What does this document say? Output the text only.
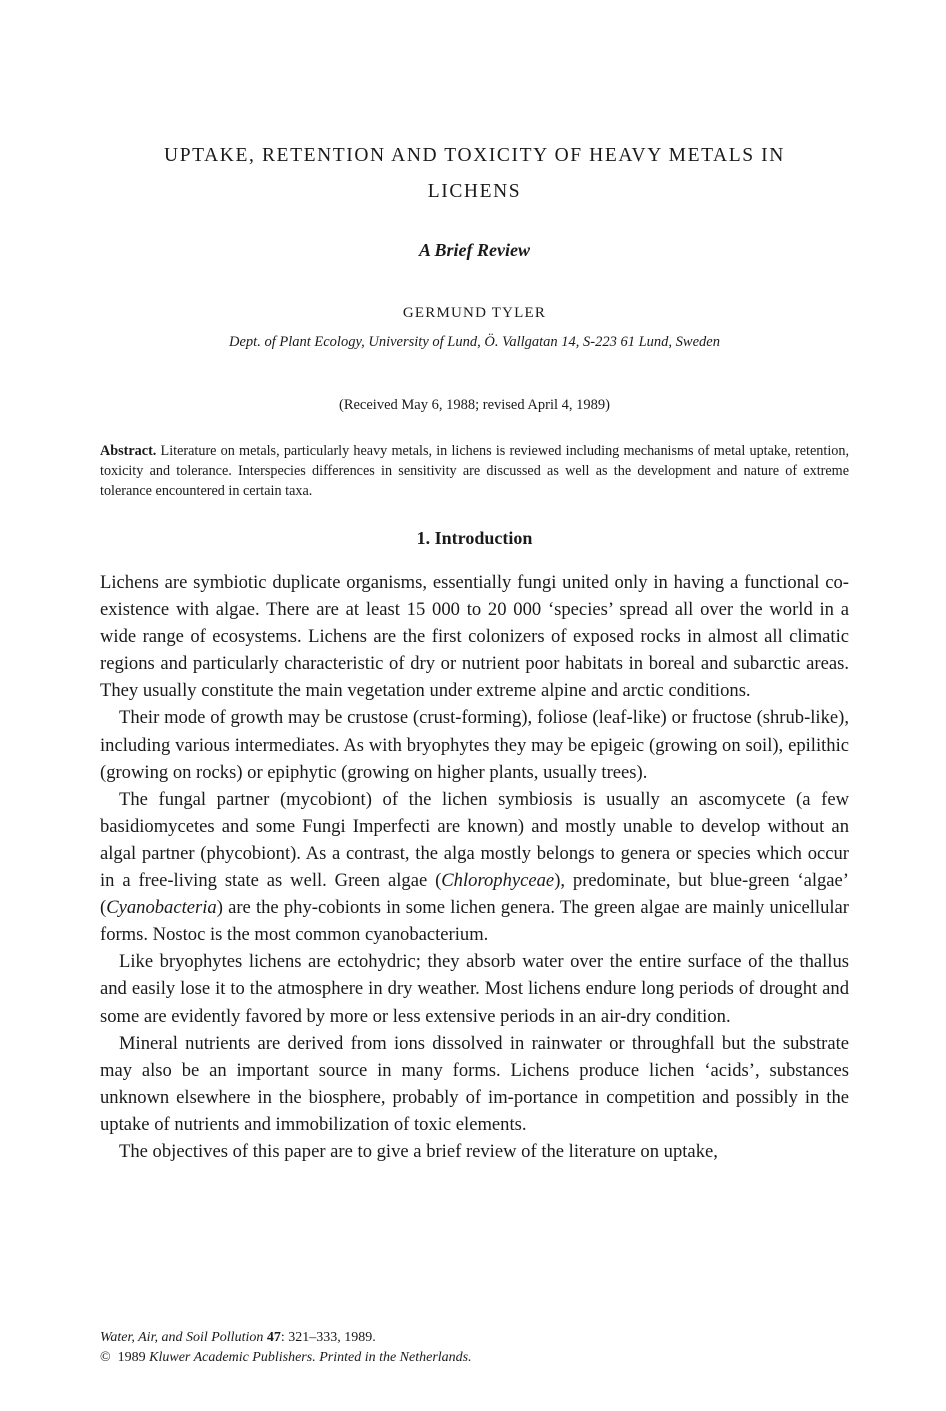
UPTAKE, RETENTION AND TOXICITY OF HEAVY METALS IN
LICHENS
A Brief Review
GERMUND TYLER
Dept. of Plant Ecology, University of Lund, Ö. Vallgatan 14, S-223 61 Lund, Sweden
(Received May 6, 1988; revised April 4, 1989)

Abstract. Literature on metals, particularly heavy metals, in lichens is reviewed including mechanisms of metal uptake, retention, toxicity and tolerance. Interspecies differences in sensitivity are discussed as well as the development and nature of extreme tolerance encountered in certain taxa.

1. Introduction

Lichens are symbiotic duplicate organisms, essentially fungi united only in having a functional co-existence with algae. There are at least 15 000 to 20 000 ‘species’ spread all over the world in a wide range of ecosystems. Lichens are the first colonizers of exposed rocks in almost all climatic regions and particularly characteristic of dry or nutrient poor habitats in boreal and subarctic areas. They usually constitute the main vegetation under extreme alpine and arctic conditions.

Their mode of growth may be crustose (crust-forming), foliose (leaf-like) or fructose (shrub-like), including various intermediates. As with bryophytes they may be epigeic (growing on soil), epilithic (growing on rocks) or epiphytic (growing on higher plants, usually trees).

The fungal partner (mycobiont) of the lichen symbiosis is usually an ascomycete (a few basidiomycetes and some Fungi Imperfecti are known) and mostly unable to develop without an algal partner (phycobiont). As a contrast, the alga mostly belongs to genera or species which occur in a free-living state as well. Green algae (Chlorophyceae), predominate, but blue-green ‘algae’ (Cyanobacteria) are the phy-cobionts in some lichen genera. The green algae are mainly unicellular forms. Nostoc is the most common cyanobacterium.

Like bryophytes lichens are ectohydric; they absorb water over the entire surface of the thallus and easily lose it to the atmosphere in dry weather. Most lichens endure long periods of drought and some are evidently favored by more or less extensive periods in an air-dry condition.

Mineral nutrients are derived from ions dissolved in rainwater or throughfall but the substrate may also be an important source in many forms. Lichens produce lichen ‘acids’, substances unknown elsewhere in the biosphere, probably of im-portance in competition and possibly in the uptake of nutrients and immobilization of toxic elements.

The objectives of this paper are to give a brief review of the literature on uptake,

Water, Air, and Soil Pollution 47: 321–333, 1989.
© 1989 Kluwer Academic Publishers. Printed in the Netherlands.
